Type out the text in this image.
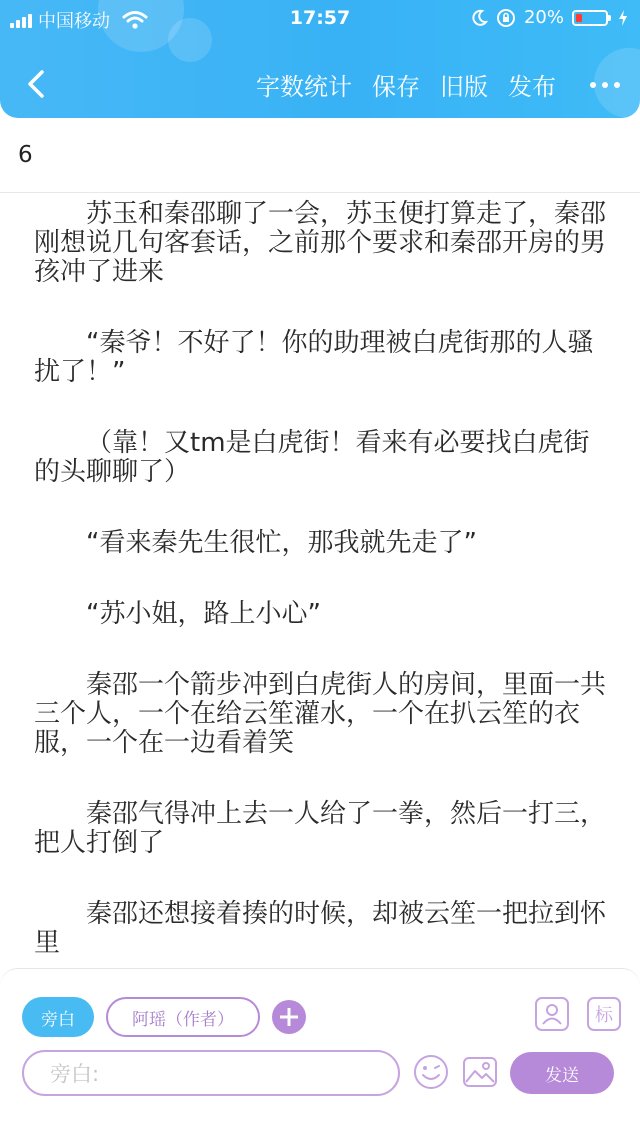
中国移动	17:57	20%
字数统计 保存 旧版 发布
6

苏玉和秦邵聊了一会，苏玉便打算走了，秦邵刚想说几句客套话，之前那个要求和秦邵开房的男孩冲了进来

“秦爷！不好了！你的助理被白虎街那的人骚扰了！”

（靠！又tm是白虎街！看来有必要找白虎街的头聊聊了）

“看来秦先生很忙，那我就先走了”

“苏小姐，路上小心”

秦邵一个箭步冲到白虎街人的房间，里面一共三个人，一个在给云笙灌水，一个在扒云笙的衣服，一个在一边看着笑

秦邵气得冲上去一人给了一拳，然后一打三，把人打倒了

秦邵还想接着揍的时候，却被云笙一把拉到怀里

旁白	阿瑶（作者）	标
旁白:	发送
